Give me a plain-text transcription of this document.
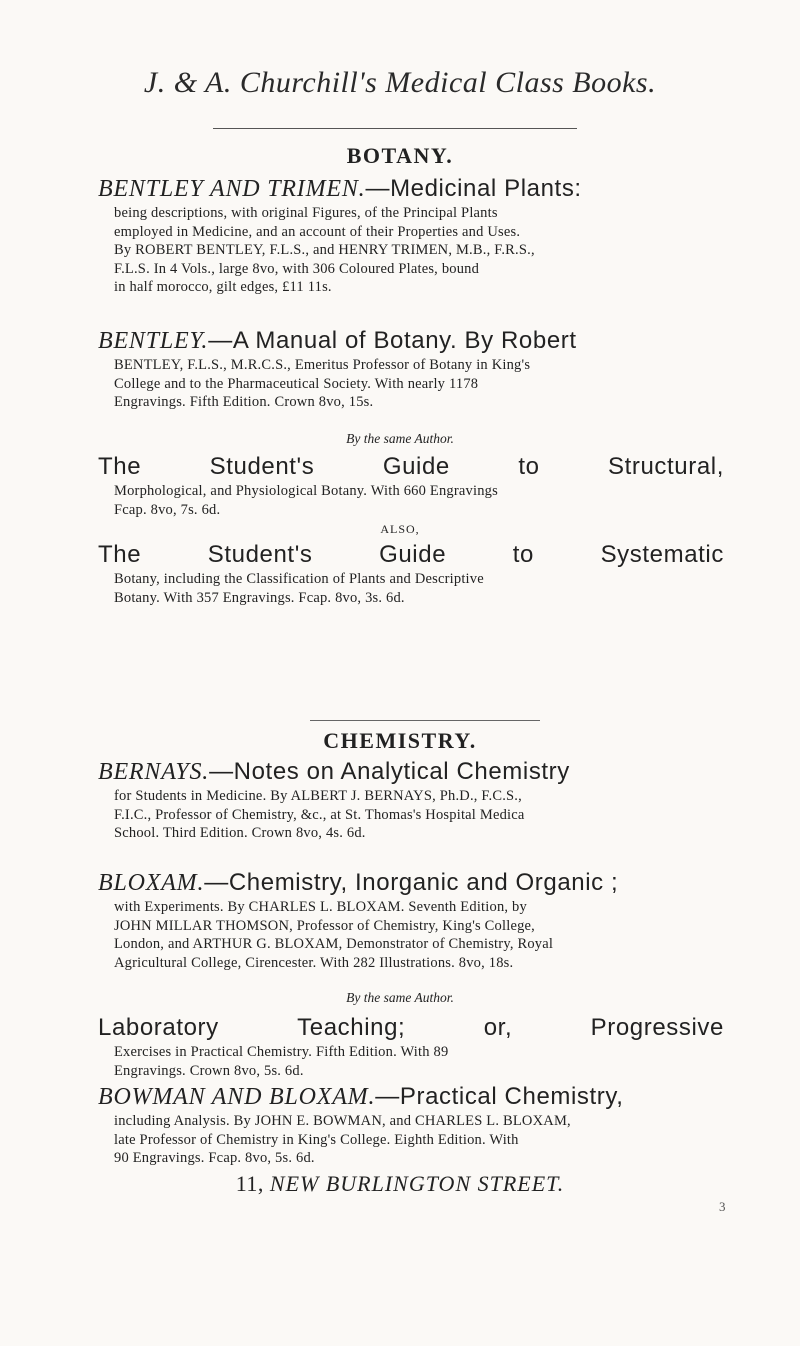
J. & A. Churchill's Medical Class Books.
BOTANY.
BENTLEY AND TRIMEN.—Medicinal Plants:
being descriptions, with original Figures, of the Principal Plants
employed in Medicine, and an account of their Properties and Uses.
By ROBERT BENTLEY, F.L.S., and HENRY TRIMEN, M.B., F.R.S.,
F.L.S. In 4 Vols., large 8vo, with 306 Coloured Plates, bound
in half morocco, gilt edges, £11 11s.
BENTLEY.—A Manual of Botany. By Robert
BENTLEY, F.L.S., M.R.C.S., Emeritus Professor of Botany in King's
College and to the Pharmaceutical Society. With nearly 1178
Engravings. Fifth Edition. Crown 8vo, 15s.
By the same Author.
The	Student's	Guide	to	Structural,
Morphological, and Physiological Botany. With 660 Engravings
Fcap. 8vo, 7s. 6d.
ALSO,
The	Student's	Guide	to	Systematic
Botany, including the Classification of Plants and Descriptive
Botany. With 357 Engravings. Fcap. 8vo, 3s. 6d.
CHEMISTRY.
BERNAYS.—Notes on Analytical Chemistry
for Students in Medicine. By ALBERT J. BERNAYS, Ph.D., F.C.S.,
F.I.C., Professor of Chemistry, &c., at St. Thomas's Hospital Medica
School. Third Edition. Crown 8vo, 4s. 6d.
BLOXAM.—Chemistry, Inorganic and Organic ;
with Experiments. By CHARLES L. BLOXAM. Seventh Edition, by
JOHN MILLAR THOMSON, Professor of Chemistry, King's College,
London, and ARTHUR G. BLOXAM, Demonstrator of Chemistry, Royal
Agricultural College, Cirencester. With 282 Illustrations. 8vo, 18s.
By the same Author.
Laboratory	Teaching;	or,	Progressive
Exercises in Practical Chemistry. Fifth Edition. With 89
Engravings. Crown 8vo, 5s. 6d.
BOWMAN AND BLOXAM.—Practical Chemistry,
including Analysis. By JOHN E. BOWMAN, and CHARLES L. BLOXAM,
late Professor of Chemistry in King's College. Eighth Edition. With
90 Engravings. Fcap. 8vo, 5s. 6d.
11, NEW BURLINGTON STREET.
3
